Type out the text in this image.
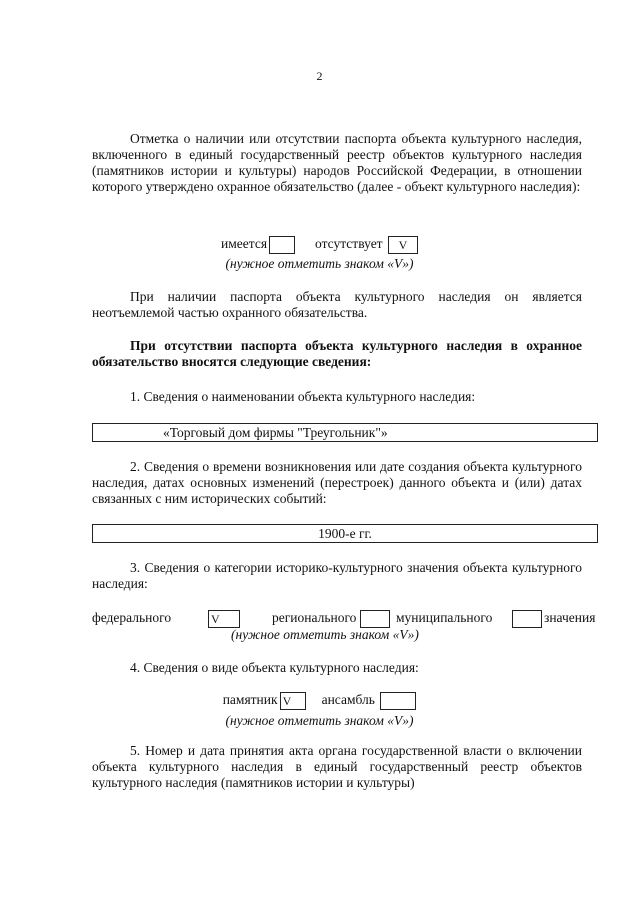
2
Отметка о наличии или отсутствии паспорта объекта культурного наследия, включенного в единый государственный реестр объектов культурного наследия (памятников истории и культуры) народов Российской Федерации, в отношении которого утверждено охранное обязательство (далее - объект культурного наследия):
имеется	отсутствует V
(нужное отметить знаком «V»)
При наличии паспорта объекта культурного наследия он является неотъемлемой частью охранного обязательства.
При отсутствии паспорта объекта культурного наследия в охранное обязательство вносятся следующие сведения:
1. Сведения о наименовании объекта культурного наследия:
«Торговый дом фирмы "Треугольник"»
2. Сведения о времени возникновения или дате создания объекта культурного наследия, датах основных изменений (перестроек) данного объекта и (или) датах связанных с ним исторических событий:
1900-е гг.
3. Сведения о категории историко-культурного значения объекта культурного наследия:
федерального	V	регионального	муниципального	значения
(нужное отметить знаком «V»)
4. Сведения о виде объекта культурного наследия:
памятник V ансамбль
(нужное отметить знаком «V»)
5. Номер и дата принятия акта органа государственной власти о включении объекта культурного наследия в единый государственный реестр объектов культурного наследия (памятников истории и культуры)
